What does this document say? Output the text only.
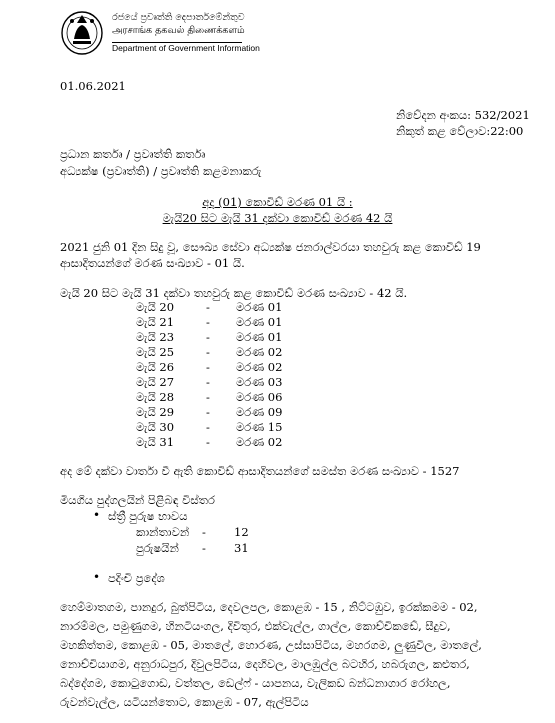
රජයේ ප්‍රවෘත්ති දෙපාර්තමේන්තුව
அரசாங்க தகவல் திணைக்களம்
Department of Government Information
01.06.2021
නිවේදන අංකය: 532/2021
නිකුත් කළ වේලාව:22:00
ප්‍රධාන කර්තෘ / ප්‍රවෘත්ති කර්තෘ
අධ්‍යක්ෂ (ප්‍රවෘත්ති) / ප්‍රවෘත්ති කළමනාකරු
අද (01) කොවිඩ් මරණ 01 යි :
මැයි20 සිට මැයි 31 දක්වා කොවිඩ් මරණ 42 යි
2021 ජුනි 01 දින සිදු වූ, සෞඛ්‍ය සේවා අධ්‍යක්ෂ ජනරාල්වරයා තහවුරු කළ කොවිඩ් 19
ආසාදිතයන්ගේ මරණ සංඛ්‍යාව - 01 යි.
මැයි 20 සිට මැයි 31 දක්වා තහවුරු කළ කොවිඩ් මරණ සංඛ්‍යාව - 42 යි.
මැයි 20	- මරණ 01
මැයි 21	- මරණ 01
මැයි 23	- මරණ 01
මැයි 25	- මරණ 02
මැයි 26	- මරණ 02
මැයි 27	- මරණ 03
මැයි 28	- මරණ 06
මැයි 29	- මරණ 09
මැයි 30	- මරණ 15
මැයි 31	- මරණ 02
අද මේ දක්වා වාර්තා වී ඇති කොවිඩ් ආසාදිතයන්ගේ සමස්ත මරණ සංඛ්‍යාව - 1527
මියගිය පුද්ගලයින් පිළිබඳ විස්තර
• ස්ත්‍රී පුරුෂ භාවය
කාන්තාවන් - 12
පුරුෂයින් - 31
• පදිංචි ප්‍රදේශ
හෙම්මාතගම, පානදුර, බුත්පිටිය, දෙවලපල, කොළඹ - 15 , නිට්ටඹුව, ඉරක්කමම - 02,
නාරම්මල, පමුණුගම, හිනටියංගල, දිවිතුර, එක්වැල්ල, ගාල්ල, කොච්චිකඩේ, සීදුව,
මහකිත්තම, කොළඹ - 05, මාතලේ, හොරණ, උස්සාපිටිය, මහරගම, ලුණුවිල, මාතලේ,
නොච්චියාගම, අනුරාධපුර, දිවුලපිටිය, දෙහිවල, මාලඹුල්ල බටහිර, හබරුගල, කළුතර,
බද්දේගම, කොටුගොඩ, වත්තල, ඩෙල්ෆ් - යාපනය, වැලිකඩ බන්ධනාගාර රෝහල,
රුවන්වැල්ල, යටියන්තොට, කොළඹ - 07, ඇල්පිටිය
